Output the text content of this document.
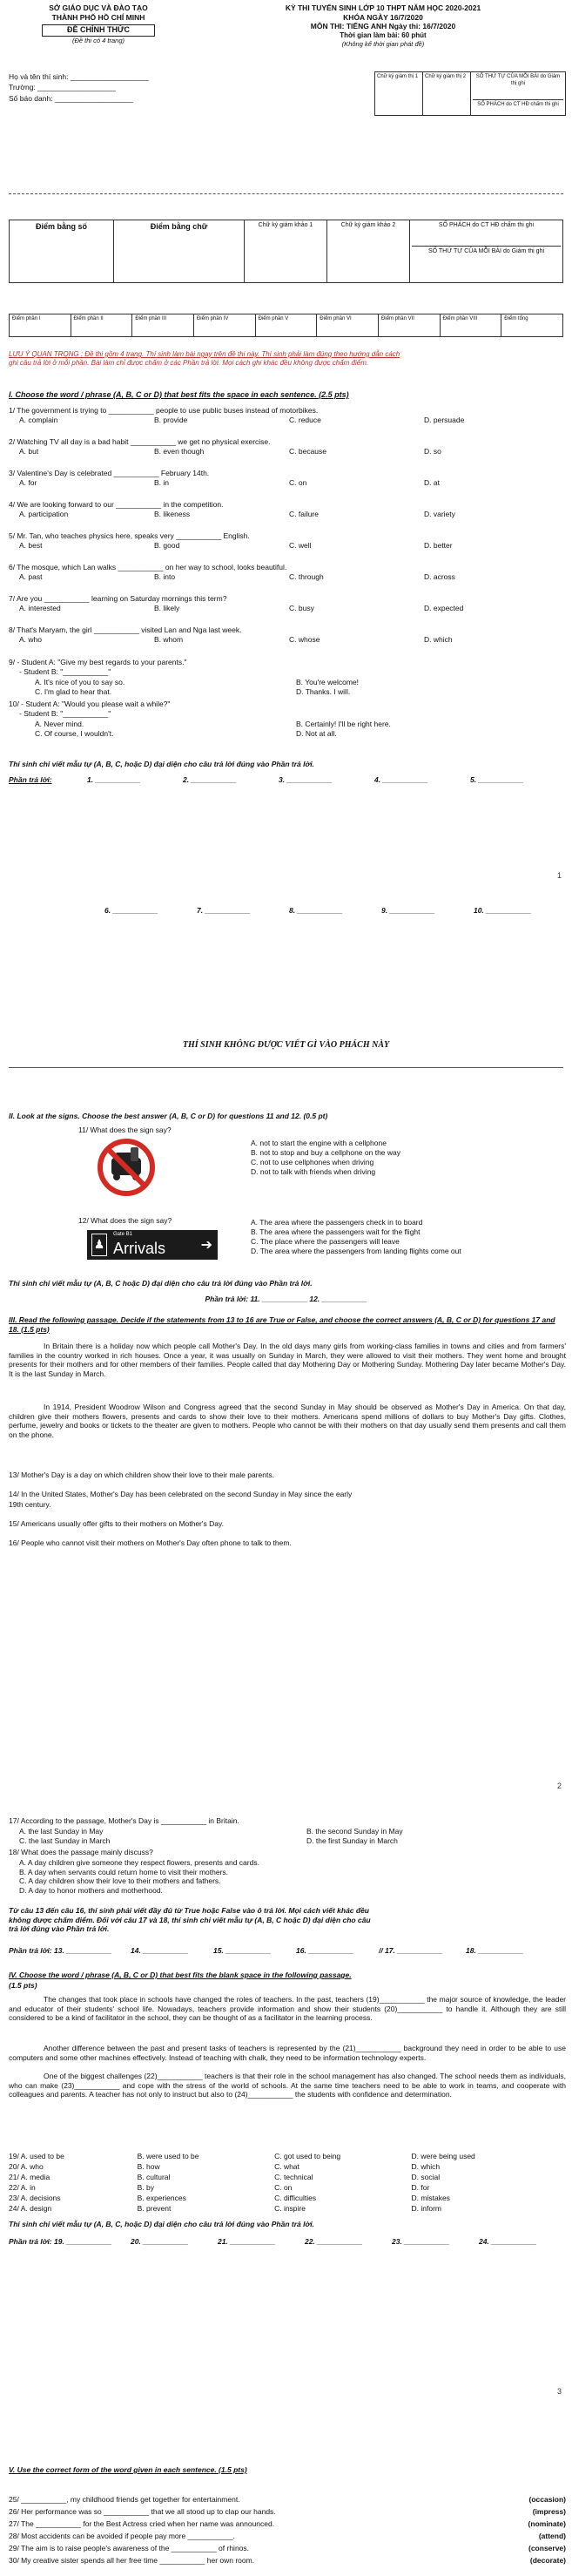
SỞ GIÁO DỤC VÀ ĐÀO TẠO
THÀNH PHỐ HỒ CHÍ MINH
ĐỀ CHÍNH THỨC
(Đề thi có 4 trang)
KỲ THI TUYỂN SINH LỚP 10 THPT NĂM HỌC 2020-2021
KHÓA NGÀY 16/7/2020
MÔN THI: TIẾNG ANH Ngày thi: 16/7/2020
Thời gian làm bài: 60 phút
(Không kể thời gian phát đề)
Họ và tên thí sinh: ___________________
Trường: ___________________
Số báo danh: ___________________
Chữ ký giám thị 1	Chữ ký giám thị 2	SỐ THỨ TỰ CỦA MỖI BÀI do Giám thị ghi
SỐ PHÁCH do CT HĐ chấm thi ghi
Điểm bằng số	Điểm bằng chữ	Chữ ký giám khảo 1	Chữ ký giám khảo 2	SỐ PHÁCH do CT HĐ chấm thi ghi
SỐ THỨ TỰ CỦA MỖI BÀI do Giám thị ghi
Điểm phần I	Điểm phần II	Điểm phần III	Điểm phần IV	Điểm phần V	Điểm phần VI	Điểm phần VII	Điểm phần VIII	Điểm tổng
LƯU Ý QUAN TRỌNG : Đề thi gồm 4 trang. Thí sinh làm bài ngay trên đề thi này. Thí sinh phải làm đúng theo hướng dẫn cách
ghi câu trả lời ở mỗi phần. Bài làm chỉ được chấm ở các Phần trả lời. Mọi cách ghi khác đều không được chấm điểm.
I. Choose the word / phrase (A, B, C or D) that best fits the space in each sentence. (2.5 pts)
1/ The government is trying to ___________ people to use public buses instead of motorbikes.
A. complain	B. provide	C. reduce	D. persuade
2/ Watching TV all day is a bad habit ___________ we get no physical exercise.
A. but	B. even though	C. because	D. so
3/ Valentine's Day is celebrated ___________ February 14th.
A. for	B. in	C. on	D. at
4/ We are looking forward to our ___________ in the competition.
A. participation	B. likeness	C. failure	D. variety
5/ Mr. Tan, who teaches physics here, speaks very ___________ English.
A. best	B. good	C. well	D. better
6/ The mosque, which Lan walks ___________ on her way to school, looks beautiful.
A. past	B. into	C. through	D. across
7/ Are you ___________ learning on Saturday mornings this term?
A. interested	B. likely	C. busy	D. expected
8/ That's Maryam, the girl ___________ visited Lan and Nga last week.
A. who	B. whom	C. whose	D. which
9/ - Student A: "Give my best regards to your parents."
- Student B: "___________"
A. It's nice of you to say so.	B. You're welcome!
C. I'm glad to hear that.	D. Thanks. I will.
10/ - Student A: "Would you please wait a while?"
- Student B: "___________"
A. Never mind.	B. Certainly! I'll be right here.
C. Of course, I wouldn't.	D. Not at all.
Thí sinh chỉ viết mẫu tự (A, B, C, hoặc D) đại diện cho câu trả lời đúng vào Phần trả lời.
Phần trả lời:	1. ___________	2. ___________	3. ___________	4. ___________	5. ___________
1
6. ___________	7. ___________	8. ___________	9. ___________	10. ___________
THÍ SINH KHÔNG ĐƯỢC VIẾT GÌ VÀO PHÁCH NÀY
II. Look at the signs. Choose the best answer (A, B, C or D) for questions 11 and 12. (0.5 pt)
11/ What does the sign say?
A. not to start the engine with a cellphone
B. not to stop and buy a cellphone on the way
C. not to use cellphones when driving
D. not to talk with friends when driving
12/ What does the sign say?
♟
Gate B1
Arrivals	➔
A. The area where the passengers check in to board
B. The area where the passengers wait for the flight
C. The place where the passengers will leave
D. The area where the passengers from landing flights come out
Thí sinh chỉ viết mẫu tự (A, B, C hoặc D) đại diện cho câu trả lời đúng vào Phần trả lời.
Phần trả lời: 11. ___________ 12. ___________
III. Read the following passage. Decide if the statements from 13 to 16 are True or False, and choose the correct answers (A, B, C or D) for questions 17 and 18. (1.5 pts)
In Britain there is a holiday now which people call Mother's Day. In the old days many girls from working-class families in towns and cities and from farmers' families in the country worked in rich houses. Once a year, it was usually on Sunday in March, they were allowed to visit their mothers. They went home and brought presents for their mothers and for other members of their families. People called that day Mothering Day or Mothering Sunday. Mothering Day later became Mother's Day. It is the last Sunday in March.
In 1914, President Woodrow Wilson and Congress agreed that the second Sunday in May should be observed as Mother's Day in America. On that day, children give their mothers flowers, presents and cards to show their love to their mothers. Americans spend millions of dollars to buy Mother's Day gifts. Clothes, perfume, jewelry and books or tickets to the theater are given to mothers. People who cannot be with their mothers on that day usually send them presents and call them on the phone.
13/ Mother's Day is a day on which children show their love to their male parents.
14/ In the United States, Mother's Day has been celebrated on the second Sunday in May since the early
19th century.
15/ Americans usually offer gifts to their mothers on Mother's Day.
16/ People who cannot visit their mothers on Mother's Day often phone to talk to them.
2
17/ According to the passage, Mother's Day is ___________ in Britain.
A. the last Sunday in May	B. the second Sunday in May
C. the last Sunday in March	D. the first Sunday in March
18/ What does the passage mainly discuss?
A. A day children give someone they respect flowers, presents and cards.
B. A day when servants could return home to visit their mothers.
C. A day children show their love to their mothers and fathers.
D. A day to honor mothers and motherhood.
Từ câu 13 đến câu 16, thí sinh phải viết đầy đủ từ True hoặc False vào ô trả lời. Mọi cách viết khác đều
không được chấm điểm. Đối với câu 17 và 18, thí sinh chỉ viết mẫu tự (A, B, C hoặc D) đại diện cho câu
trả lời đúng vào Phần trả lời.
Phần trả lời: 13. ___________	14. ___________	15. ___________	16. ___________	// 17. ___________	18. ___________
IV. Choose the word / phrase (A, B, C or D) that best fits the blank space in the following passage.
(1.5 pts)
The changes that took place in schools have changed the roles of teachers. In the past, teachers (19)___________ the major source of knowledge, the leader and educator of their students' school life. Nowadays, teachers provide information and show their students (20)___________ to handle it. Although they are still considered to be a kind of facilitator in the school, they can be thought of as a facilitator in the learning process.
Another difference between the past and present tasks of teachers is represented by the (21)___________ background they need in order to be able to use computers and some other machines effectively. Instead of teaching with chalk, they need to be information technology experts.
One of the biggest challenges (22)___________ teachers is that their role in the school management has also changed. The school needs them as individuals, who can make (23)___________ and cope with the stress of the world of schools. At the same time teachers need to be able to work in teams, and cooperate with colleagues and parents. A teacher has not only to instruct but also to (24)___________ the students with confidence and determination.
19/ A. used to be	B. were used to be	C. got used to being	D. were being used
20/ A. who	B. how	C. what	D. which
21/ A. media	B. cultural	C. technical	D. social
22/ A. in	B. by	C. on	D. for
23/ A. decisions	B. experiences	C. difficulties	D. mistakes
24/ A. design	B. prevent	C. inspire	D. inform
Thí sinh chỉ viết mẫu tự (A, B, C, hoặc D) đại diện cho câu trả lời đúng vào Phần trả lời.
Phần trả lời: 19. ___________	20. ___________	21. ___________	22. ___________	23. ___________	24. ___________
3
V. Use the correct form of the word given in each sentence. (1.5 pts)
25/ ___________, my childhood friends get together for entertainment.	(occasion)
26/ Her performance was so ___________ that we all stood up to clap our hands.	(impress)
27/ The ___________ for the Best Actress cried when her name was announced.	(nominate)
28/ Most accidents can be avoided if people pay more ___________.	(attend)
29/ The aim is to raise people's awareness of the ___________ of rhinos.	(conserve)
30/ My creative sister spends all her free time ___________ her own room.	(decorate)
